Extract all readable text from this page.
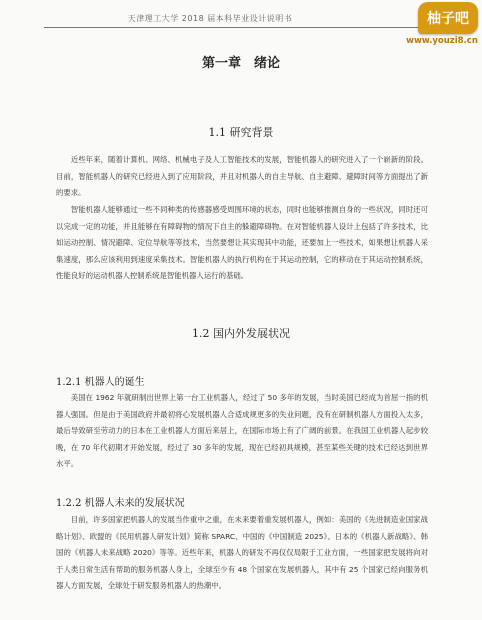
天津理工大学 2018 届本科毕业设计说明书	柚子吧
www.youzi8.cn
第一章　绪论
1.1 研究背景

近些年来，随着计算机、网络、机械电子及人工智能技术的发展，智能机器人的研究进入了一个崭新的阶段。目前，智能机器人的研究已经进入到了应用阶段，并且对机器人的自主导航、自主避障、避障时间等方面提出了新的要求。

智能机器人能够通过一些不同种类的传感器感受周围环境的状态，同时也能够推测自身的一些状况，同时还可以完成一定的功能，并且能够在有障碍物的情况下自主的躲避障碍物。在对智能机器人设计上包括了许多技术，比如运动控制、情况避障、定位导航等等技术，当然要想让其实现其中功能，还要加上一些技术，如果想让机器人采集速度，那么应该利用到速度采集技术。智能机器人的执行机构在于其运动控制，它的移动在于其运动控制系统，性能良好的运动机器人控制系统是智能机器人运行的基础。

1.2 国内外发展状况
1.2.1 机器人的诞生

美国在 1962 年就研制出世界上第一台工业机器人，经过了 50 多年的发展，当时美国已经成为首屈一指的机器人强国。但是由于美国政府并最初将心发展机器人合适成规更多的失业问题，没有在研制机器人方面投入太多，最后导致研至劳动力的日本在工业机器人方面后来居上，在国际市场上有了广阔的前景。在我国工业机器人起步较晚，在 70 年代初期才开始发展，经过了 30 多年的发展，现在已经初具规模，甚至某些关键的技术已经达到世界水平。

1.2.2 机器人未来的发展状况

目前，许多国家把机器人的发展当作重中之重，在未来要着重发展机器人，例如：美国的《先进制造业国家战略计划》、欧盟的《民用机器人研发计划》简称 SPARC、中国的《中国制造 2025》、日本的《机器人新战略》、韩国的《机器人未来战略 2020》等等。近些年来，机器人的研发不再仅仅局限于工业方面，一些国家把发展将向对于人类日常生活有帮助的服务机器人身上，全球至少有 48 个国家在发展机器人，其中有 25 个国家已经向服务机器人方面发展，全球处于研发服务机器人的热潮中。
